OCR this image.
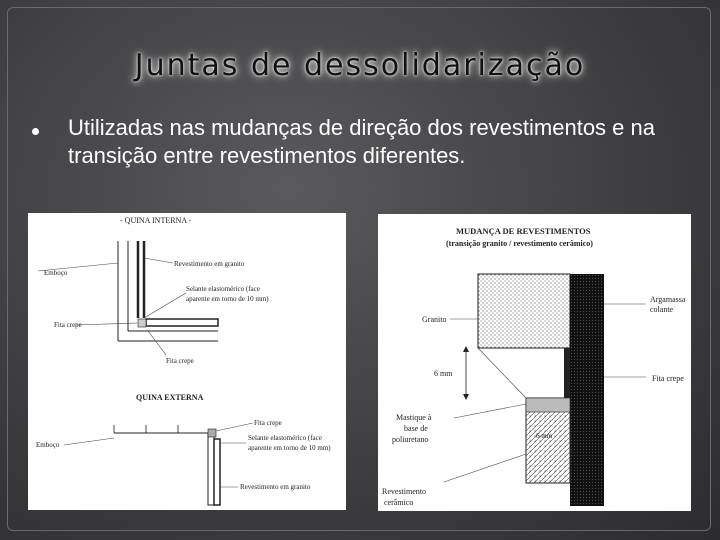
Juntas de dessolidarização
Utilizadas nas mudanças de direção dos revestimentos e na transição entre revestimentos diferentes.
- QUINA INTERNA -
Emboço
Revestimento em granito
Selante elastomérico (face
aparente em torno de 10 mm)
Fita crepe
Fita crepe
QUINA EXTERNA
Fita crepe
Emboço
Selante elastomérico (face
aparente em torno de 10 mm)
Revestimento em granito
MUDANÇA DE REVESTIMENTOS
(transição granito / revestimento cerâmico)
Granito
Argamassa
colante
6 mm
Fita crepe
Mastique à
base de
poliuretano	6 mm
Revestimento
cerâmico
